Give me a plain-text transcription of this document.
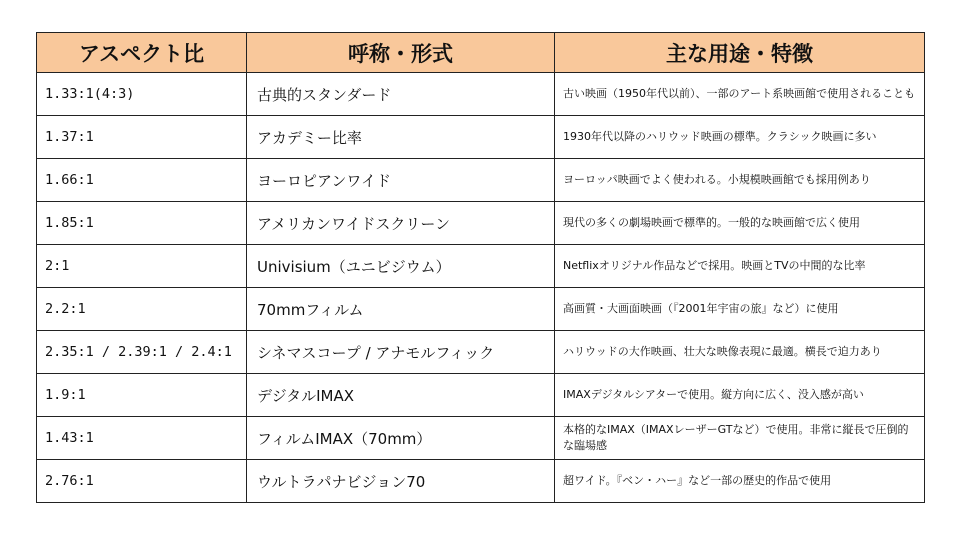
アスペクト比	呼称・形式	主な用途・特徴
1.33:1(4:3)	古典的スタンダード	古い映画（1950年代以前）、一部のアート系映画館で使用されることも
1.37:1	アカデミー比率	1930年代以降のハリウッド映画の標準。クラシック映画に多い
1.66:1	ヨーロピアンワイド	ヨーロッパ映画でよく使われる。小規模映画館でも採用例あり
1.85:1	アメリカンワイドスクリーン	現代の多くの劇場映画で標準的。一般的な映画館で広く使用
2:1	Univisium（ユニビジウム）	Netflixオリジナル作品などで採用。映画とTVの中間的な比率
2.2:1	70mmフィルム	高画質・大画面映画（『2001年宇宙の旅』など）に使用
2.35:1 / 2.39:1 / 2.4:1	シネマスコープ / アナモルフィック	ハリウッドの大作映画、壮大な映像表現に最適。横長で迫力あり
1.9:1	デジタルIMAX	IMAXデジタルシアターで使用。縦方向に広く、没入感が高い
1.43:1	フィルムIMAX（70mm）	本格的なIMAX（IMAXレーザーGTなど）で使用。非常に縦長で圧倒的な臨場感
2.76:1	ウルトラパナビジョン70	超ワイド。『ベン・ハー』など一部の歴史的作品で使用
